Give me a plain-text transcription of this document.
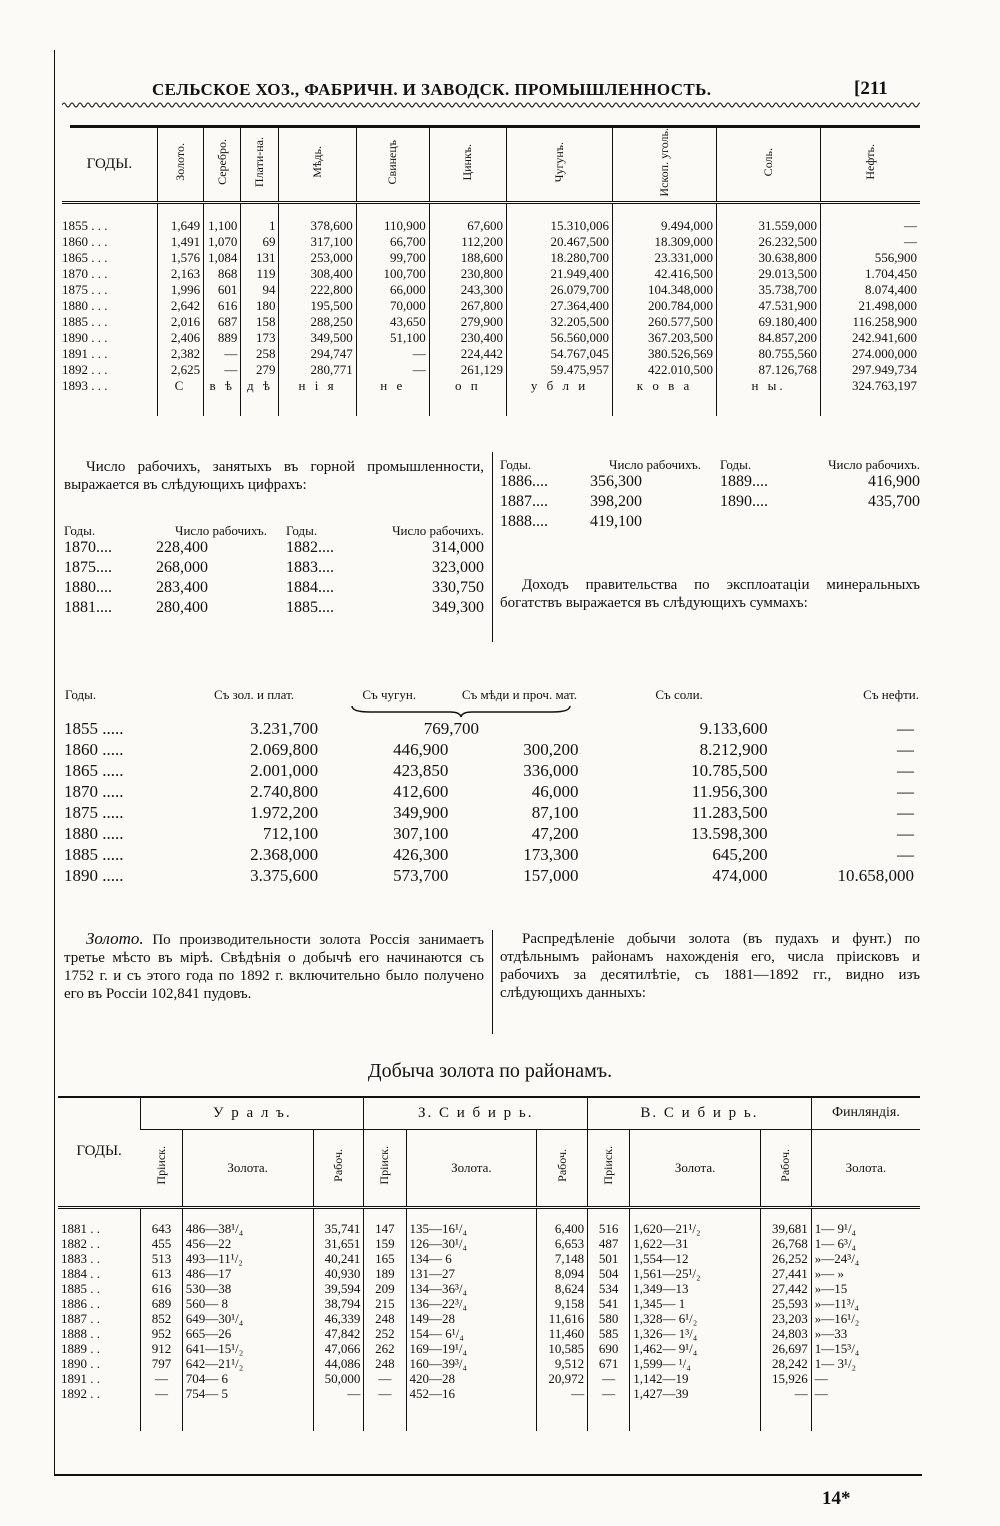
СЕЛЬСКОЕ ХОЗ., ФАБРИЧН. И ЗАВОДСК. ПРОМЫШЛЕННОСТЬ.	[211
ГОДЫ.	Золото.	Серебро.	Плати-на.	Мѣдь.	Свинецъ	Цинкъ.	Чугунъ.	Ископ. уголь.	Соль.	Нефть.
1855 . . .	1,649	1,100	1	378,600	110,900	67,600	15.310,006	9.494,000	31.559,000	—
1860 . . .	1,491	1,070	69	317,100	66,700	112,200	20.467,500	18.309,000	26.232,500	—
1865 . . .	1,576	1,084	131	253,000	99,700	188,600	18.280,700	23.331,000	30.638,800	556,900
1870 . . .	2,163	868	119	308,400	100,700	230,800	21.949,400	42.416,500	29.013,500	1.704,450
1875 . . .	1,996	601	94	222,800	66,000	243,300	26.079,700	104.348,000	35.738,700	8.074,400
1880 . . .	2,642	616	180	195,500	70,000	267,800	27.364,400	200.784,000	47.531,900	21.498,000
1885 . . .	2,016	687	158	288,250	43,650	279,900	32.205,500	260.577,500	69.180,400	116.258,900
1890 . . .	2,406	889	173	349,500	51,100	230,400	56.560,000	367.203,500	84.857,200	242.941,600
1891 . . .	2,382	—	258	294,747	—	224,442	54.767,045	380.526,569	80.755,560	274.000,000
1892 . . .	2,625	—	279	280,771	—	261,129	59.475,957	422.010,500	87.126,768	297.949,734
1893 . . .	С	в ѣ	д ѣ	н і я	н е	о п	у б л и	к о в а	н ы.	324.763,197

Число рабочихъ, занятыхъ въ горной промышленности, выражается въ слѣдующихъ цифрахъ:
Годы.	Число рабочихъ.	Годы.	Число рабочихъ.
1870....	228,400	1882....	314,000
1875....	268,000	1883....	323,000
1880....	283,400	1884....	330,750
1881....	280,400	1885....	349,300
Годы.	Число рабочихъ.	Годы.	Число рабочихъ.
1886....	356,300	1889....	416,900
1887....	398,200	1890....	435,700
1888....	419,100		
Доходъ правительства по эксплоатаціи минеральныхъ богатствъ выражается въ слѣдующихъ суммахъ:
Годы.	Съ зол. и плат.	Съ чугун.	Съ мѣди и проч. мат.	Съ соли.	Съ нефти.
1855 .....	3.231,700	769,700		9.133,600	—
1860 .....	2.069,800	446,900	300,200	8.212,900	—
1865 .....	2.001,000	423,850	336,000	10.785,500	—
1870 .....	2.740,800	412,600	46,000	11.956,300	—
1875 .....	1.972,200	349,900	87,100	11.283,500	—
1880 .....	712,100	307,100	47,200	13.598,300	—
1885 .....	2.368,000	426,300	173,300	645,200	—
1890 .....	3.375,600	573,700	157,000	474,000	10.658,000
Золото. По производительности золота Россія занимаетъ третье мѣсто въ мірѣ. Свѣдѣнія о добычѣ его начинаются съ 1752 г. и съ этого года по 1892 г. включительно было получено его въ Россіи 102,841 пудовъ.
Распредѣленіе добычи золота (въ пудахъ и фунт.) по отдѣльнымъ районамъ нахожденія его, числа пріисковъ и рабочихъ за десятилѣтіе, съ 1881—1892 гг., видно изъ слѣдующихъ данныхъ:
Добыча золота по районамъ.
ГОДЫ.	У р а л ъ.			З. С и б и р ь.			В. С и б и р ь.			Финляндія.
	Пріиск.	Золота.	Рабоч.	Пріиск.	Золота.	Рабоч.	Пріиск.	Золота.	Рабоч.	Золота.

1881 . .	643	486—38¹/₄	35,741	147	135—16¹/₄	6,400	516	1,620—21¹/₂	39,681	1— 9¹/₄
1882 . .	455	456—22	31,651	159	126—30¹/₄	6,653	487	1,622—31	26,768	1— 6³/₄
1883 . .	513	493—11¹/₂	40,241	165	134— 6	7,148	501	1,554—12	26,252	»—24³/₄
1884 . .	613	486—17	40,930	189	131—27	8,094	504	1,561—25¹/₂	27,441	»— »
1885 . .	616	530—38	39,594	209	134—36³/₄	8,624	534	1,349—13	27,442	»—15
1886 . .	689	560— 8	38,794	215	136—22³/₄	9,158	541	1,345— 1	25,593	»—11³/₄
1887 . .	852	649—30¹/₄	46,339	248	149—28	11,616	580	1,328— 6¹/₂	23,203	»—16¹/₂
1888 . .	952	665—26	47,842	252	154— 6¹/₄	11,460	585	1,326— 1³/₄	24,803	»—33
1889 . .	912	641—15¹/₂	47,066	262	169—19¹/₄	10,585	690	1,462— 9¹/₄	26,697	1—15³/₄
1890 . .	797	642—21¹/₂	44,086	248	160—39³/₄	9,512	671	1,599— ¹/₄	28,242	1— 3¹/₂
1891 . .	—	704— 6	50,000	—	420—28	20,972	—	1,142—19	15,926	—
1892 . .	—	754— 5	—	—	452—16	—	—	1,427—39	—	—

14*
